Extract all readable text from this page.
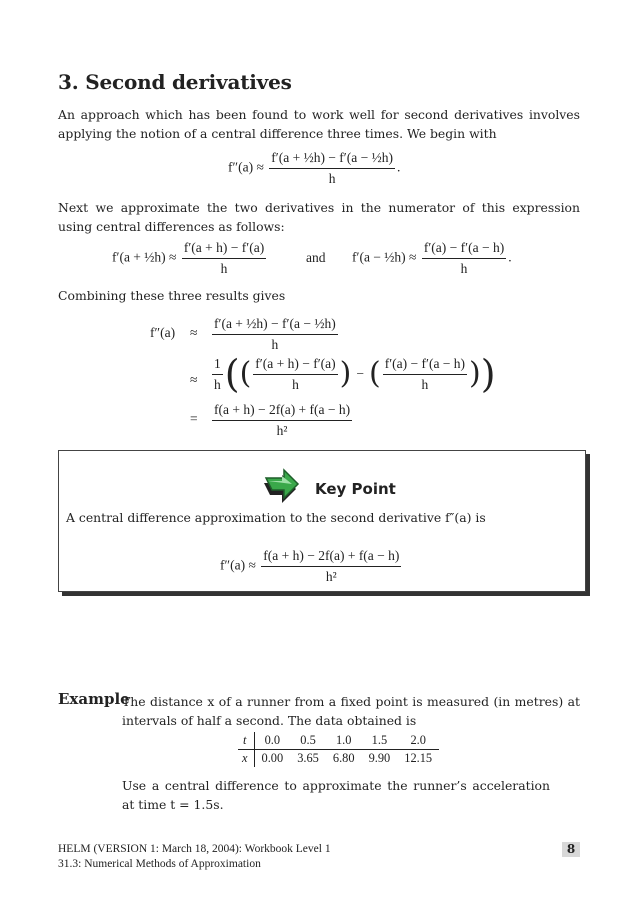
3. Second derivatives
An approach which has been found to work well for second derivatives involves applying the notion of a central difference three times. We begin with
$f''(a) \approx \frac{\text{f′(a + ½h) − f′(a − ½h)}}{h}$ .
Next we approximate the two derivatives in the numerator of this expression using central differences as follows:
f′(a + ½h) ≈ $\frac{f'(a + h) - f'(a)}{h}$	and f′(a − ½h) ≈ $\frac{f'(a) - f'(a - h)}{h}$ .
Combining these three results gives
$f''(a) \approx \frac{\text{f′(a + ½h) − f′(a − ½h)}}{h}$
≈ $\frac{1}{h}$ ( ( $\frac{f'(a + h) - f'(a)}{h}$ ) − ( $\frac{f'(a) - f'(a - h)}{h}$ ) )
= $\frac{f(a + h) - 2f(a) + f(a - h)}{\text{h²}}$
Key Point
A central difference approximation to the second derivative f″(a) is
$f''(a) \approx \frac{f(a + h) - 2f(a) + f(a - h)}{\text{h²}}$
Example
The distance x of a runner from a fixed point is measured (in metres) at intervals of half a second. The data obtained is
t	0.0	0.5	1.0	1.5	2.0
x	0.00	3.65	6.80	9.90	12.15
Use a central difference to approximate the runner’s acceleration at time t = 1.5s.
HELM (VERSION 1: March 18, 2004): Workbook Level 1
31.3: Numerical Methods of Approximation
8
